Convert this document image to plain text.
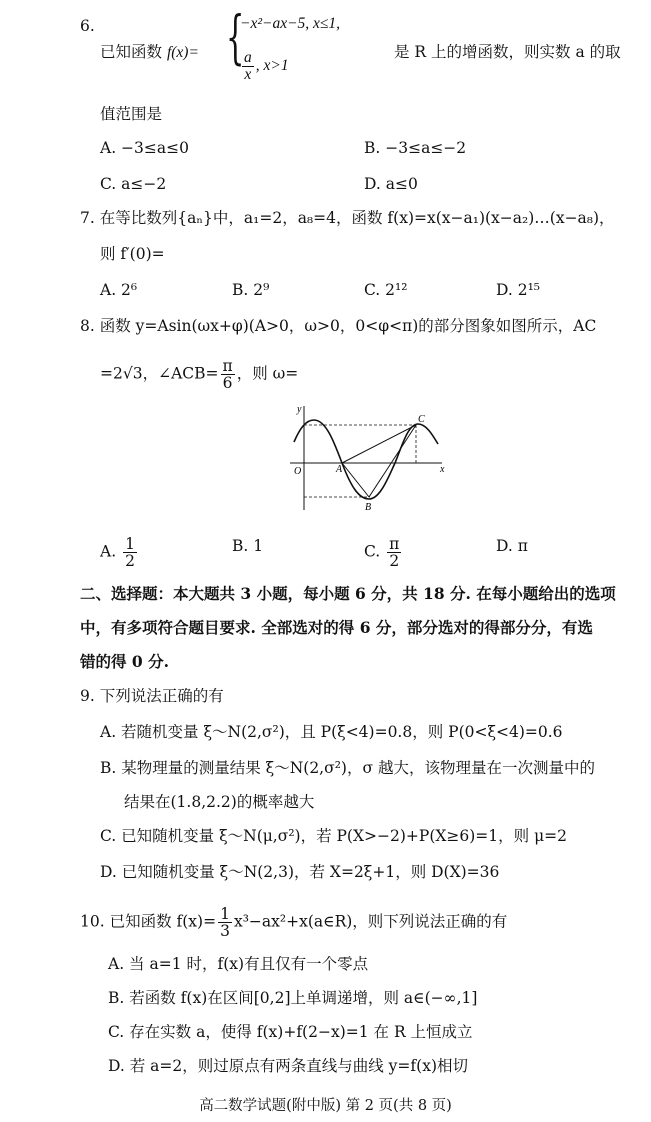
6.
已知函数 f(x)= {
−x²−ax−5, x≤1,
$\frac{a}{x}$ , x>1
是 R 上的增函数，则实数 a 的取
值范围是
A. −3≤a≤0	B. −3≤a≤−2
C. a≤−2	D. a≤0
7. 在等比数列{aₙ}中，a₁=2，a₈=4，函数 f(x)=x(x−a₁)(x−a₂)…(x−a₈)，
则 f′(0)=
A. 2⁶	B. 2⁹	C. 2¹²	D. 2¹⁵
8. 函数 y=Asin(ωx+φ)(A>0，ω>0，0<φ<π)的部分图象如图所示，AC
=2√3，∠ACB= $\frac{\pi}{6}$ ，则 ω=
y
x
O	A
B
C
A. $\frac{1}{2}$	B. 1	C. $\frac{\pi}{2}$	D. π
二、选择题：本大题共 3 小题，每小题 6 分，共 18 分. 在每小题给出的选项
中，有多项符合题目要求. 全部选对的得 6 分，部分选对的得部分分，有选
错的得 0 分.
9. 下列说法正确的有
A. 若随机变量 ξ～N(2,σ²)，且 P(ξ<4)=0.8，则 P(0<ξ<4)=0.6
B. 某物理量的测量结果 ξ～N(2,σ²)，σ 越大，该物理量在一次测量中的
结果在(1.8,2.2)的概率越大
C. 已知随机变量 ξ～N(μ,σ²)，若 P(X>−2)+P(X≥6)=1，则 μ=2
D. 已知随机变量 ξ～N(2,3)，若 X=2ξ+1，则 D(X)=36
10. 已知函数 $f(x)= \frac{1}{3}$ x³−ax²+x(a∈R)，则下列说法正确的有
A. 当 a=1 时，f(x)有且仅有一个零点
B. 若函数 f(x)在区间[0,2]上单调递增，则 a∈(−∞,1]
C. 存在实数 a，使得 f(x)+f(2−x)=1 在 R 上恒成立
D. 若 a=2，则过原点有两条直线与曲线 y=f(x)相切
高二数学试题(附中版) 第 2 页(共 8 页)
